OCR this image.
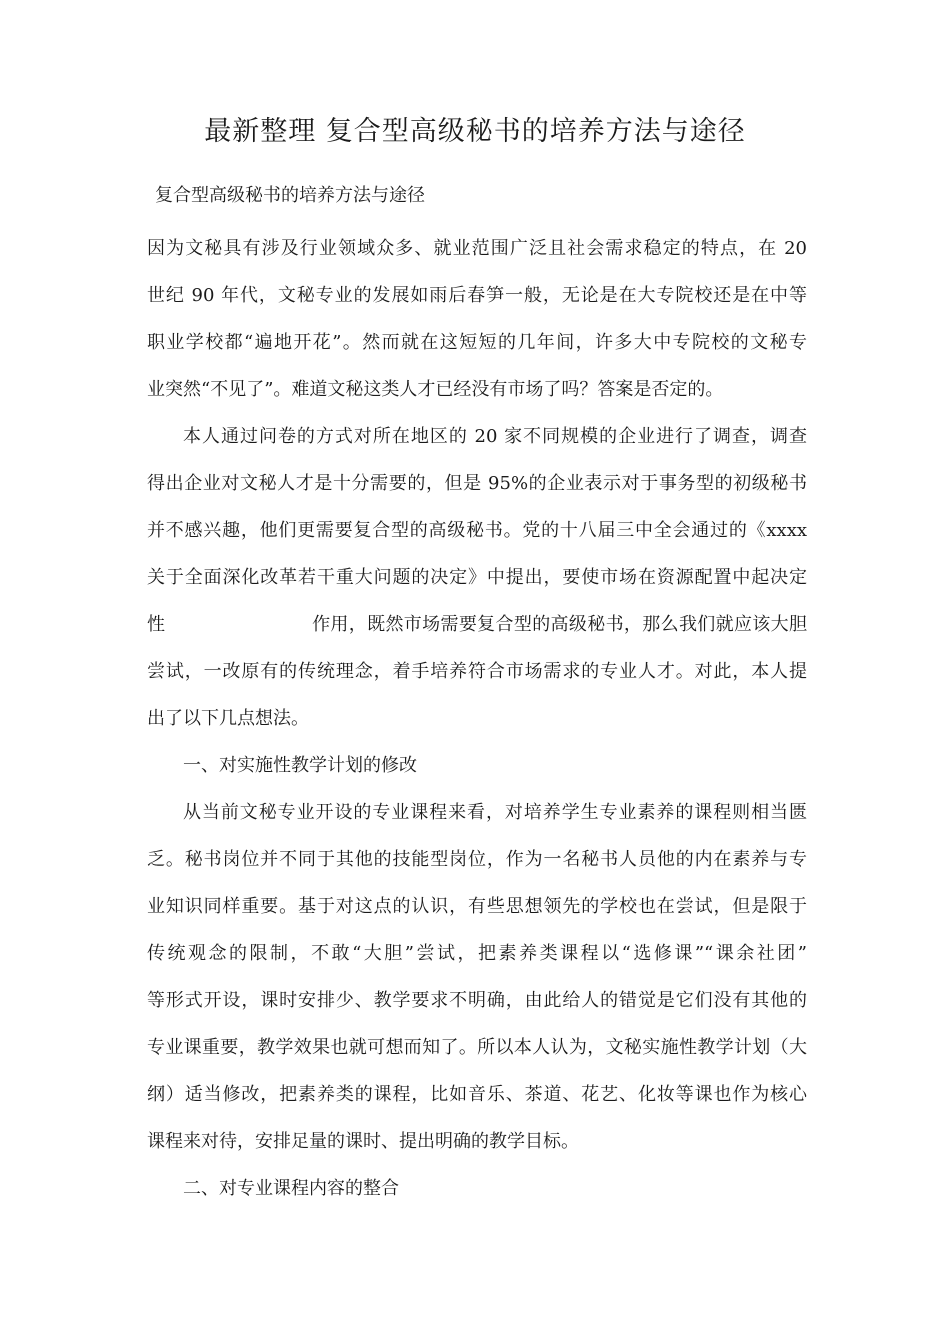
最新整理 复合型高级秘书的培养方法与途径
复合型高级秘书的培养方法与途径
因为文秘具有涉及行业领域众多、就业范围广泛且社会需求稳定的特点，在 20
世纪 90 年代，文秘专业的发展如雨后春笋一般，无论是在大专院校还是在中等
职业学校都“遍地开花”。然而就在这短短的几年间，许多大中专院校的文秘专
业突然“不见了”。难道文秘这类人才已经没有市场了吗？答案是否定的。
本人通过问卷的方式对所在地区的 20 家不同规模的企业进行了调查，调查
得出企业对文秘人才是十分需要的，但是 95%的企业表示对于事务型的初级秘书
并不感兴趣，他们更需要复合型的高级秘书。党的十八届三中全会通过的《xxxx
关于全面深化改革若干重大问题的决定》中提出，要使市场在资源配置中起决定
性　　　　　　　　作用，既然市场需要复合型的高级秘书，那么我们就应该大胆
尝试，一改原有的传统理念，着手培养符合市场需求的专业人才。对此，本人提
出了以下几点想法。
一、对实施性教学计划的修改
从当前文秘专业开设的专业课程来看，对培养学生专业素养的课程则相当匮
乏。秘书岗位并不同于其他的技能型岗位，作为一名秘书人员他的内在素养与专
业知识同样重要。基于对这点的认识，有些思想领先的学校也在尝试，但是限于
传统观念的限制，不敢“大胆”尝试，把素养类课程以“选修课”“课余社团”
等形式开设，课时安排少、教学要求不明确，由此给人的错觉是它们没有其他的
专业课重要，教学效果也就可想而知了。所以本人认为，文秘实施性教学计划（大
纲）适当修改，把素养类的课程，比如音乐、茶道、花艺、化妆等课也作为核心
课程来对待，安排足量的课时、提出明确的教学目标。
二、对专业课程内容的整合
